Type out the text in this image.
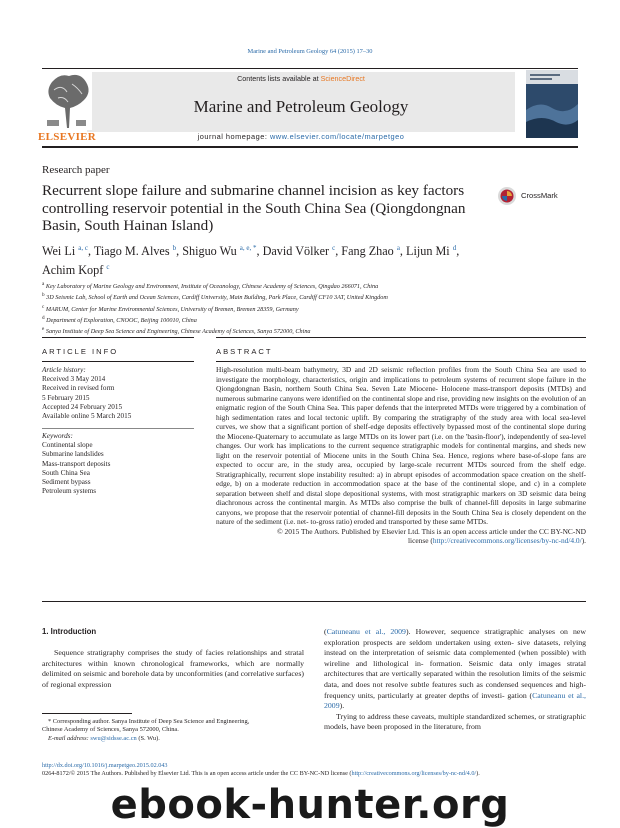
Marine and Petroleum Geology 64 (2015) 17–30
Contents lists available at ScienceDirect
Marine and Petroleum Geology
journal homepage: www.elsevier.com/locate/marpetgeo
ELSEVIER
Research paper
Recurrent slope failure and submarine channel incision as key factors
controlling reservoir potential in the South China Sea (Qiongdongnan
Basin, South Hainan Island)
CrossMark
Wei Li $^{a, c}$, Tiago M. Alves $^b$, Shiguo Wu $^{a, e, *}$, David Völker $^c$, Fang Zhao $^a$, Lijun Mi $^d$,
Achim Kopf $^c$
$^a$ Key Laboratory of Marine Geology and Environment, Institute of Oceanology, Chinese Academy of Sciences, Qingdao 266071, China
$^b$ 3D Seismic Lab, School of Earth and Ocean Sciences, Cardiff University, Main Building, Park Place, Cardiff CF10 3AT, United Kingdom
$^c$ MARUM, Center for Marine Environmental Sciences, University of Bremen, Bremen 28359, Germany
$^d$ Department of Exploration, CNOOC, Beijing 100010, China
$^e$ Sanya Institute of Deep Sea Science and Engineering, Chinese Academy of Sciences, Sanya 572000, China
ARTICLE INFO	ABSTRACT
Article history:
Received 3 May 2014
Received in revised form
5 February 2015
Accepted 24 February 2015
Available online 5 March 2015
Keywords:
Continental slope
Submarine landslides
Mass-transport deposits
South China Sea
Sediment bypass
Petroleum systems
High-resolution multi-beam bathymetry, 3D and 2D seismic reflection profiles from the South China Sea are used to investigate the morphology, characteristics, origin and implications to petroleum systems of recurrent slope failure in the Qiongdongnan Basin, northern South China Sea. Seven Late Miocene- Holocene mass-transport deposits (MTDs) and numerous submarine canyons were identified on the continental slope and rise, providing new insights on the evolution of an enigmatic region of the South China Sea. This paper defends that the interpreted MTDs were triggered by a combination of high sedimentation rates and local tectonic uplift. By comparing the stratigraphy of the study area with local sea-level curves, we show that a significant portion of shelf-edge deposits effectively bypassed most of the continental slope during the Miocene-Quaternary to accumulate as large MTDs on its lower part (i.e. on the 'basin-floor'), independently of sea-level changes. Our work has implications to the current sequence stratigraphic models for continental margins, and sheds new light on the reservoir potential of Miocene units in the South China Sea. Hence, regions where base-of-slope fans are expected to occur are, in the study area, occupied by large-scale recurrent MTDs sourced from the shelf edge. Stratigraphically, recurrent slope instability resulted: a) in abrupt episodes of accommodation space creation on the shelf- edge, b) on a moderate reduction in accommodation space at the base of the continental slope, and c) in a complete separation between shelf and distal slope depositional systems, with most stratigraphic markers on 3D seismic data being diachronous across the continental margin. As MTDs also comprise the bulk of channel-fill deposits in large submarine canyons, we propose that the reservoir potential of channel-fill deposits in the South China Sea is closely dependent on the nature of the sediment (i.e. net- to-gross ratio) eroded and transported by these same MTDs.
© 2015 The Authors. Published by Elsevier Ltd. This is an open access article under the CC BY-NC-ND
license (http://creativecommons.org/licenses/by-nc-nd/4.0/).
1. Introduction
Sequence stratigraphy comprises the study of facies relationships and stratal architectures within known chronological frameworks, which are normally delimited on seismic and borehole data by unconformities (and correlative surfaces) of regional expression
(Catuneanu et al., 2009). However, sequence stratigraphic analyses on new exploration prospects are seldom undertaken using exten- sive datasets, relying instead on the interpretation of seismic data complemented (when possible) with wireline and lithological in- formation. Seismic data only images stratal architectures that are vertically separated within the resolution limits of the seismic data, and does not resolve subtle features such as condensed sequences and high-frequency units, particularly at greater depths of investi- gation (Catuneanu et al., 2009).
Trying to address these caveats, multiple standardized schemes, or stratigraphic models, have been proposed in the literature, from
* Corresponding author. Sanya Institute of Deep Sea Science and Engineering,
Chinese Academy of Sciences, Sanya 572000, China.
E-mail address: swu@sidsse.ac.cn (S. Wu).
http://dx.doi.org/10.1016/j.marpetgeo.2015.02.043
0264-8172/© 2015 The Authors. Published by Elsevier Ltd. This is an open access article under the CC BY-NC-ND license (http://creativecommons.org/licenses/by-nc-nd/4.0/).
ebook-hunter.org
